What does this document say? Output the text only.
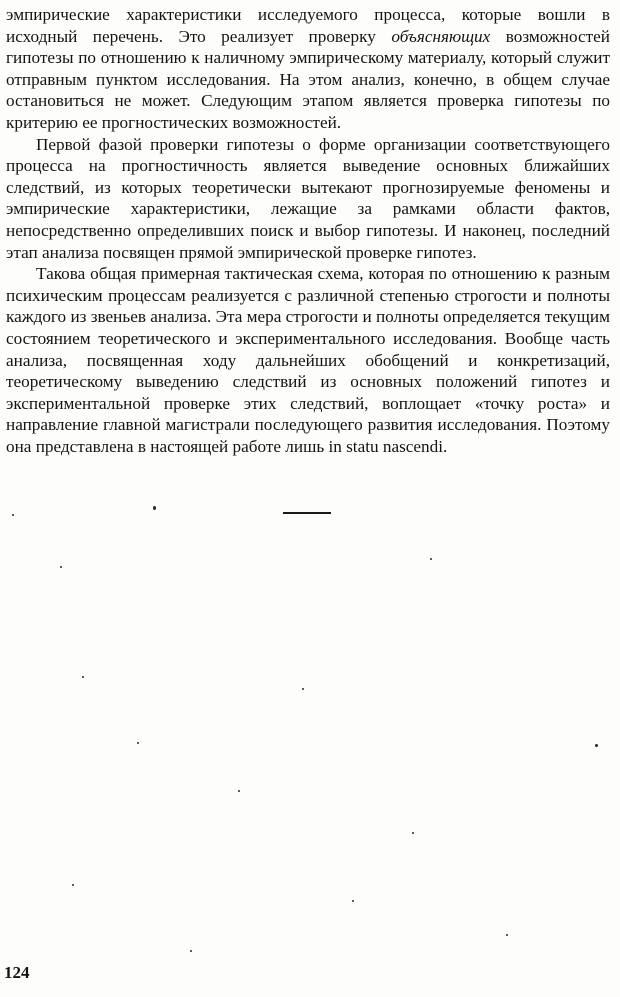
эмпирические характеристики исследуемого процесса, которые вошли в исходный перечень. Это реализует проверку объясняющих возможностей гипотезы по отношению к наличному эмпирическому материалу, который служит отправным пунктом исследования. На этом анализ, конечно, в общем случае остановиться не может. Следующим этапом является проверка гипотезы по критерию ее прогностических возможностей.

Первой фазой проверки гипотезы о форме организации соответствующего процесса на прогностичность является выведение основных ближайших следствий, из которых теоретически вытекают прогнозируемые феномены и эмпирические характеристики, лежащие за рамками области фактов, непосредственно определивших поиск и выбор гипотезы. И наконец, последний этап анализа посвящен прямой эмпирической проверке гипотез.

Такова общая примерная тактическая схема, которая по отношению к разным психическим процессам реализуется с различной степенью строгости и полноты каждого из звеньев анализа. Эта мера строгости и полноты определяется текущим состоянием теоретического и экспериментального исследования. Вообще часть анализа, посвященная ходу дальнейших обобщений и конкретизаций, теоретическому выведению следствий из основных положений гипотез и экспериментальной проверке этих следствий, воплощает «точку роста» и направление главной магистрали последующего развития исследования. Поэтому она представлена в настоящей работе лишь in statu nascendi.

124
